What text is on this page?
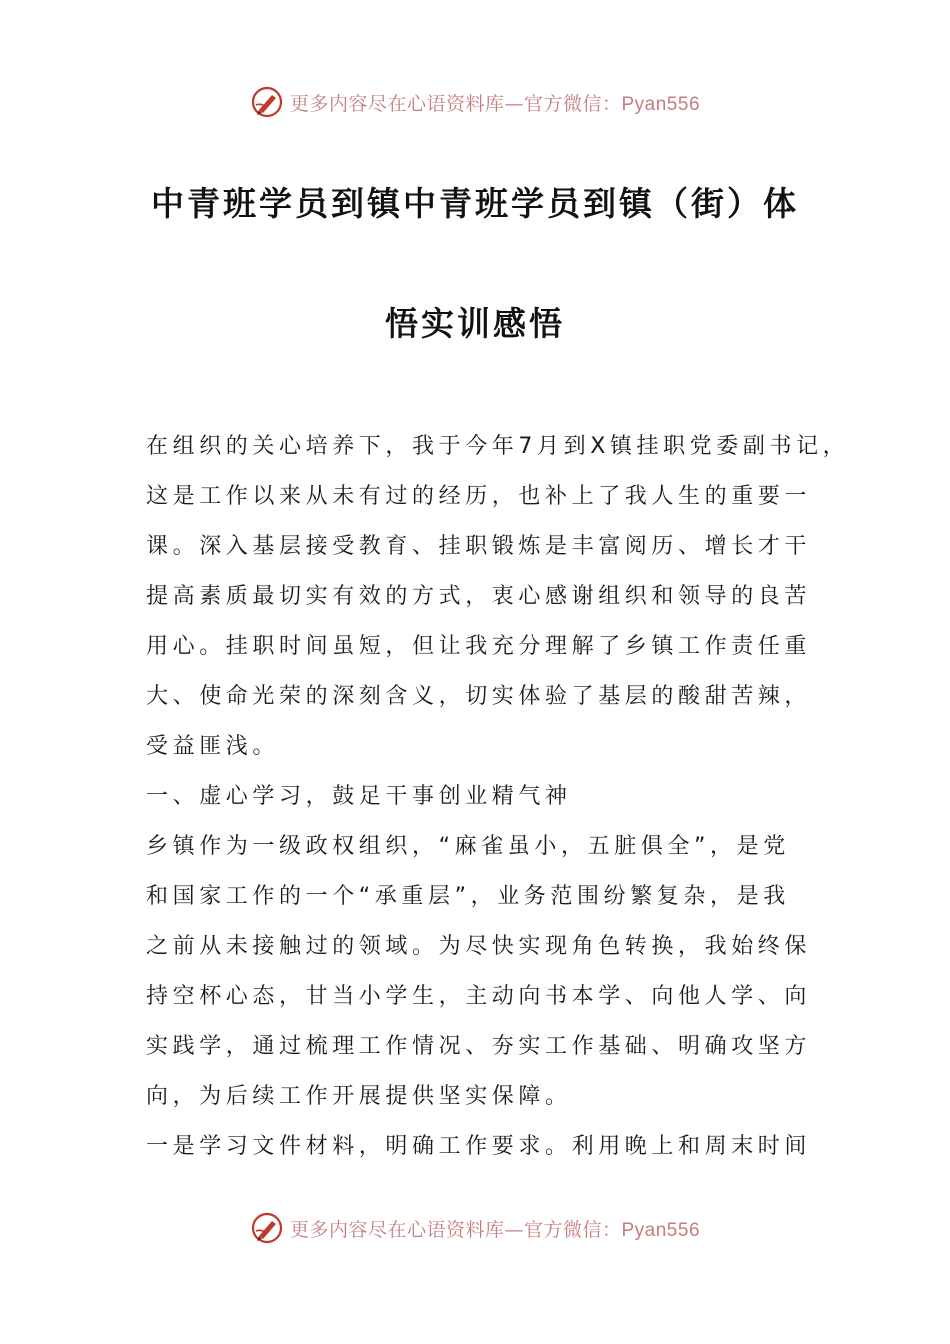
更多内容尽在心语资料库—官方微信：Pyan556
中青班学员到镇中青班学员到镇（街）体
悟实训感悟
在组织的关心培养下，我于今年7月到X镇挂职党委副书记，
这是工作以来从未有过的经历，也补上了我人生的重要一
课。深入基层接受教育、挂职锻炼是丰富阅历、增长才干
提高素质最切实有效的方式，衷心感谢组织和领导的良苦
用心。挂职时间虽短，但让我充分理解了乡镇工作责任重
大、使命光荣的深刻含义，切实体验了基层的酸甜苦辣，
受益匪浅。
一、虚心学习，鼓足干事创业精气神
乡镇作为一级政权组织，“麻雀虽小，五脏俱全”，是党
和国家工作的一个“承重层”，业务范围纷繁复杂，是我
之前从未接触过的领域。为尽快实现角色转换，我始终保
持空杯心态，甘当小学生，主动向书本学、向他人学、向
实践学，通过梳理工作情况、夯实工作基础、明确攻坚方
向，为后续工作开展提供坚实保障。
一是学习文件材料，明确工作要求。利用晚上和周末时间
更多内容尽在心语资料库—官方微信：Pyan556
